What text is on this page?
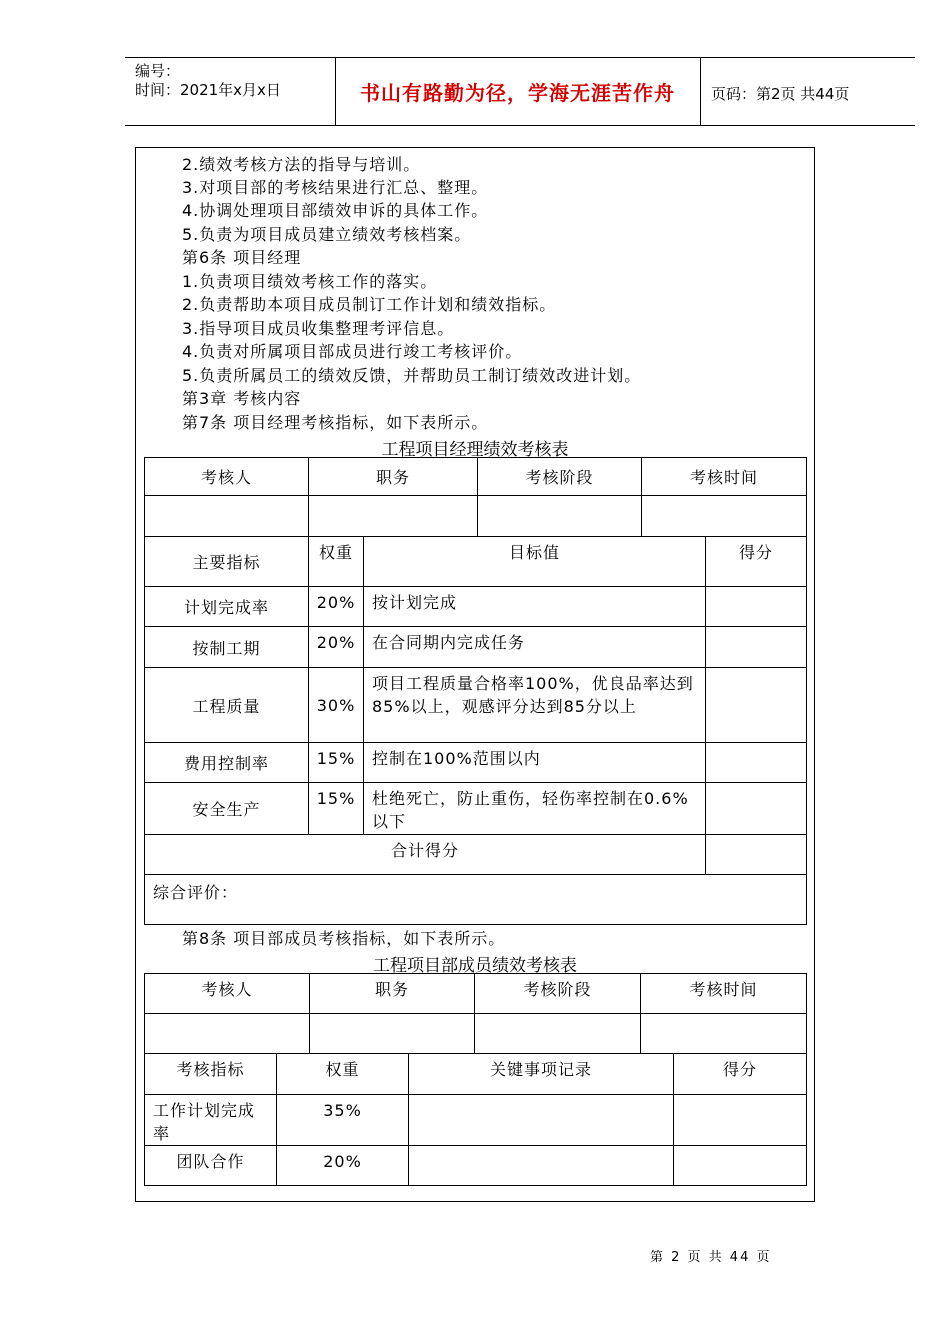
编号：
时间：2021年x月x日	书山有路勤为径，学海无涯苦作舟	页码：第2页 共44页
2.绩效考核方法的指导与培训。
3.对项目部的考核结果进行汇总、整理。
4.协调处理项目部绩效申诉的具体工作。
5.负责为项目成员建立绩效考核档案。
第6条 项目经理
1.负责项目绩效考核工作的落实。
2.负责帮助本项目成员制订工作计划和绩效指标。
3.指导项目成员收集整理考评信息。
4.负责对所属项目部成员进行竣工考核评价。
5.负责所属员工的绩效反馈，并帮助员工制订绩效改进计划。
第3章 考核内容
第7条 项目经理考核指标，如下表所示。
工程项目经理绩效考核表
考核人	职务	考核阶段	考核时间

主要指标	权重	目标值	得分
计划完成率	20%	按计划完成	
按制工期	20%	在合同期内完成任务	
工程质量	30%	项目工程质量合格率100%，优良品率达到85%以上，观感评分达到85分以上	
费用控制率	15%	控制在100%范围以内	
安全生产	15%	杜绝死亡，防止重伤，轻伤率控制在0.6%以下	
合计得分			
综合评价：			
第8条 项目部成员考核指标，如下表所示。
工程项目部成员绩效考核表
考核人	职务	考核阶段	考核时间

考核指标	权重	关键事项记录	得分
工作计划完成率	35%		
团队合作	20%		
第 2 页 共 44 页
